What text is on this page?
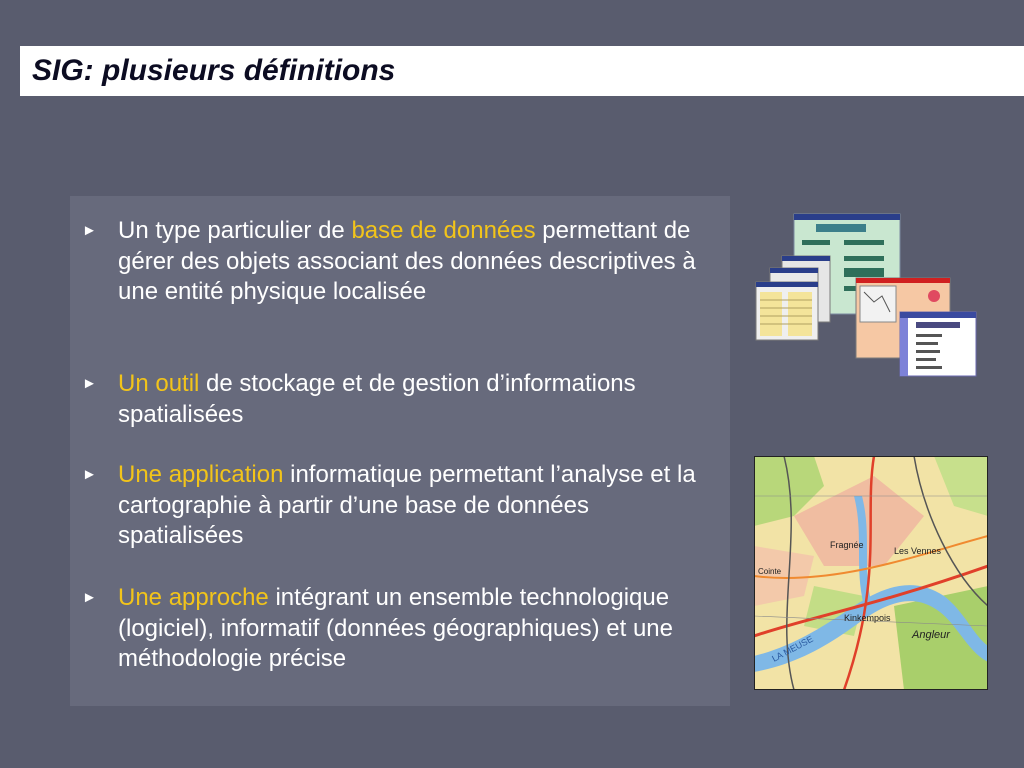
SIG: plusieurs définitions
► Un type particulier de base de données permettant de gérer des objets associant des données descriptives à une entité physique localisée
► Un outil de stockage et de gestion d’informations spatialisées
► Une application informatique permettant l’analyse et la cartographie à partir d’une base de données spatialisées
► Une approche intégrant un ensemble technologique (logiciel), informatif (données géographiques) et une méthodologie précise
Fragnée
Les Vennes
Kinkempois
Angleur
Cointe
LA MEUSE
